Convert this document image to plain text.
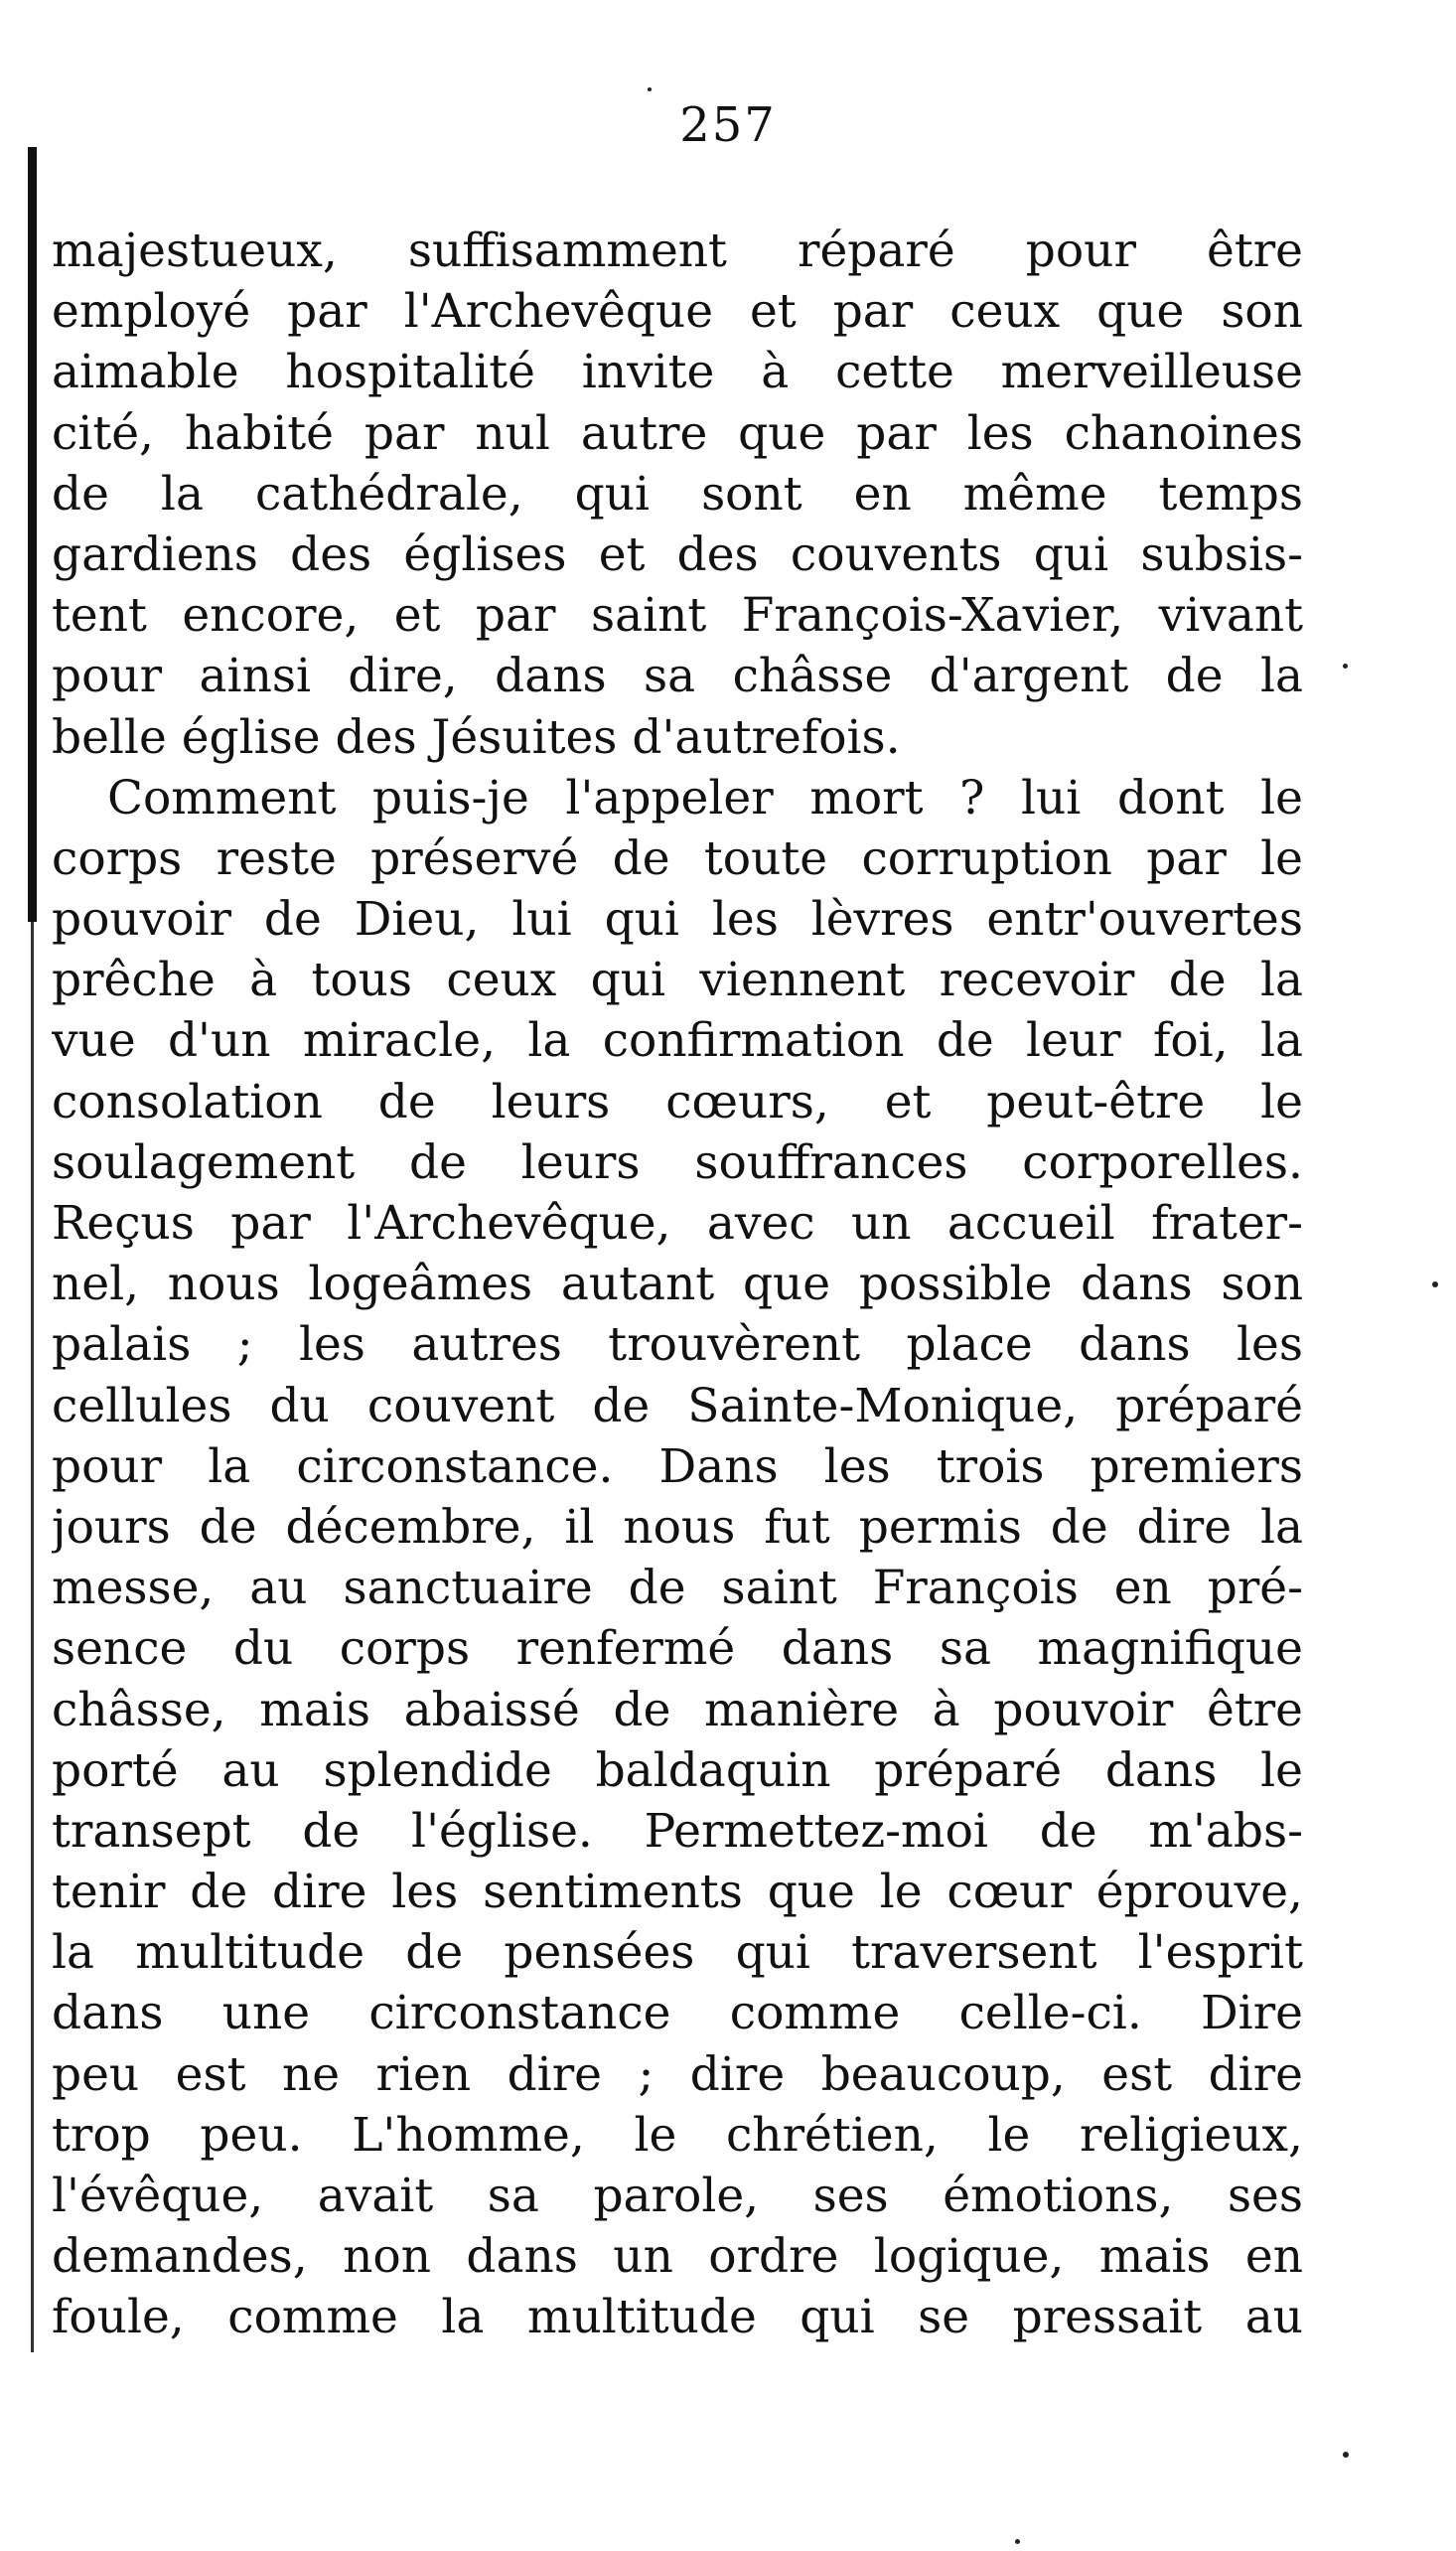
257
majestueux, suffisamment réparé pour être
employé par l'Archevêque et par ceux que son
aimable hospitalité invite à cette merveilleuse
cité, habité par nul autre que par les chanoines
de la cathédrale, qui sont en même temps
gardiens des églises et des couvents qui subsis-
tent encore, et par saint François-Xavier, vivant
pour ainsi dire, dans sa châsse d'argent de la
belle église des Jésuites d'autrefois.
Comment puis-je l'appeler mort ? lui dont le
corps reste préservé de toute corruption par le
pouvoir de Dieu, lui qui les lèvres entr'ouvertes
prêche à tous ceux qui viennent recevoir de la
vue d'un miracle, la confirmation de leur foi, la
consolation de leurs cœurs, et peut-être le
soulagement de leurs souffrances corporelles.
Reçus par l'Archevêque, avec un accueil frater-
nel, nous logeâmes autant que possible dans son
palais ; les autres trouvèrent place dans les
cellules du couvent de Sainte-Monique, préparé
pour la circonstance. Dans les trois premiers
jours de décembre, il nous fut permis de dire la
messe, au sanctuaire de saint François en pré-
sence du corps renfermé dans sa magnifique
châsse, mais abaissé de manière à pouvoir être
porté au splendide baldaquin préparé dans le
transept de l'église. Permettez-moi de m'abs-
tenir de dire les sentiments que le cœur éprouve,
la multitude de pensées qui traversent l'esprit
dans une circonstance comme celle-ci. Dire
peu est ne rien dire ; dire beaucoup, est dire
trop peu. L'homme, le chrétien, le religieux,
l'évêque, avait sa parole, ses émotions, ses
demandes, non dans un ordre logique, mais en
foule, comme la multitude qui se pressait au
